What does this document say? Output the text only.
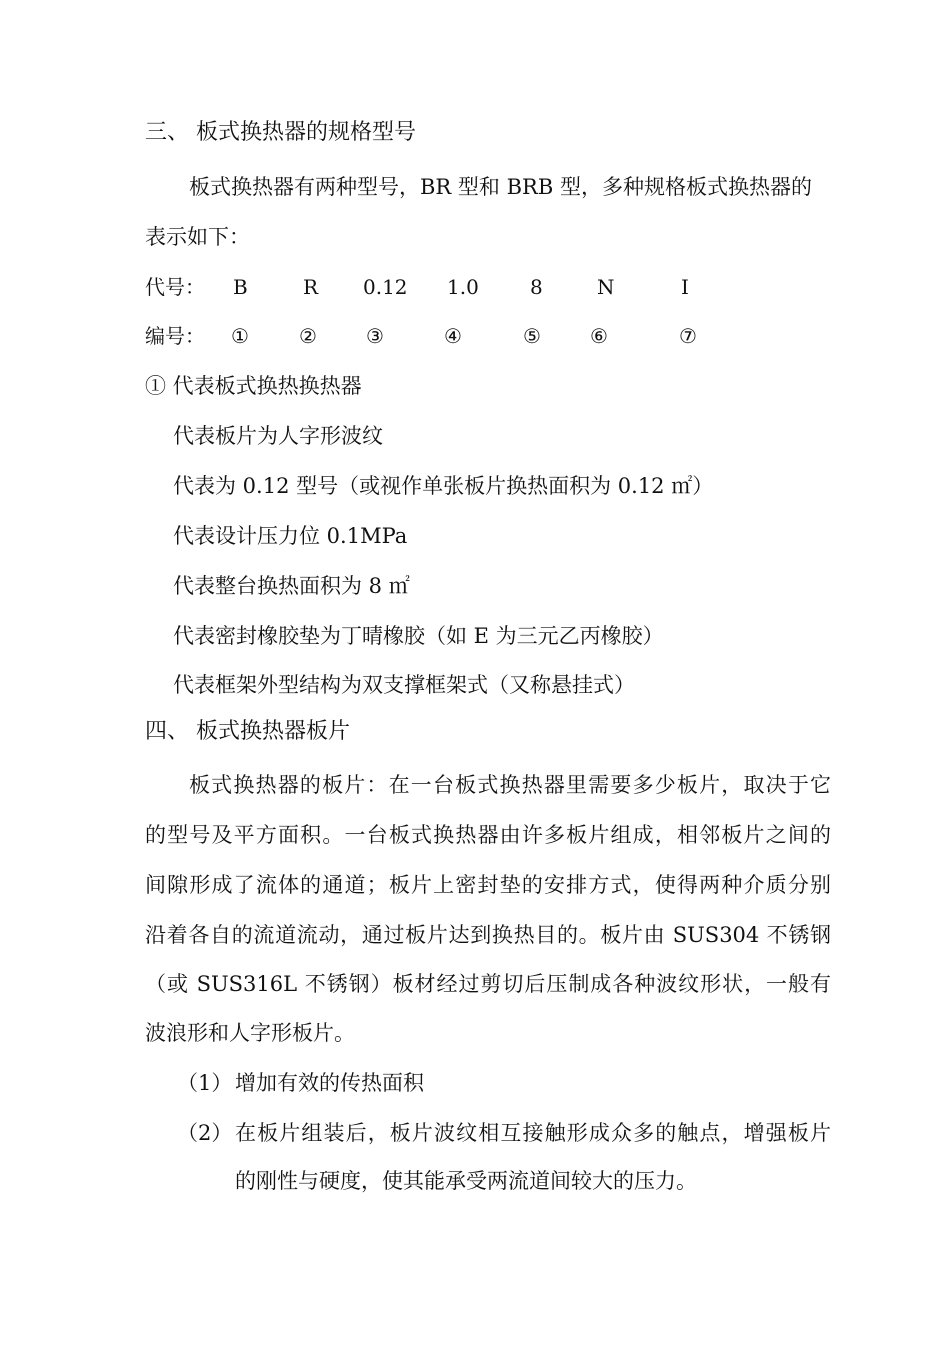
三、 板式换热器的规格型号
板式换热器有两种型号，BR 型和 BRB 型，多种规格板式换热器的
表示如下：
代号： B	R 0.12 1.0	8	N	I
编号： ①	② ③	④	⑤ ⑥	⑦
① 代表板式换热换热器
代表板片为人字形波纹
代表为 0.12 型号（或视作单张板片换热面积为 0.12 ㎡）
代表设计压力位 0.1MPa
代表整台换热面积为 8 ㎡
代表密封橡胶垫为丁晴橡胶（如 E 为三元乙丙橡胶）
代表框架外型结构为双支撑框架式（又称悬挂式）
四、 板式换热器板片
板式换热器的板片：在一台板式换热器里需要多少板片，取决于它
的型号及平方面积。一台板式换热器由许多板片组成，相邻板片之间的
间隙形成了流体的通道；板片上密封垫的安排方式，使得两种介质分别
沿着各自的流道流动，通过板片达到换热目的。板片由 SUS304 不锈钢
（或 SUS316L 不锈钢）板材经过剪切后压制成各种波纹形状，一般有
波浪形和人字形板片。
（1） 增加有效的传热面积
（2） 在板片组装后，板片波纹相互接触形成众多的触点，增强板片
的刚性与硬度，使其能承受两流道间较大的压力。
